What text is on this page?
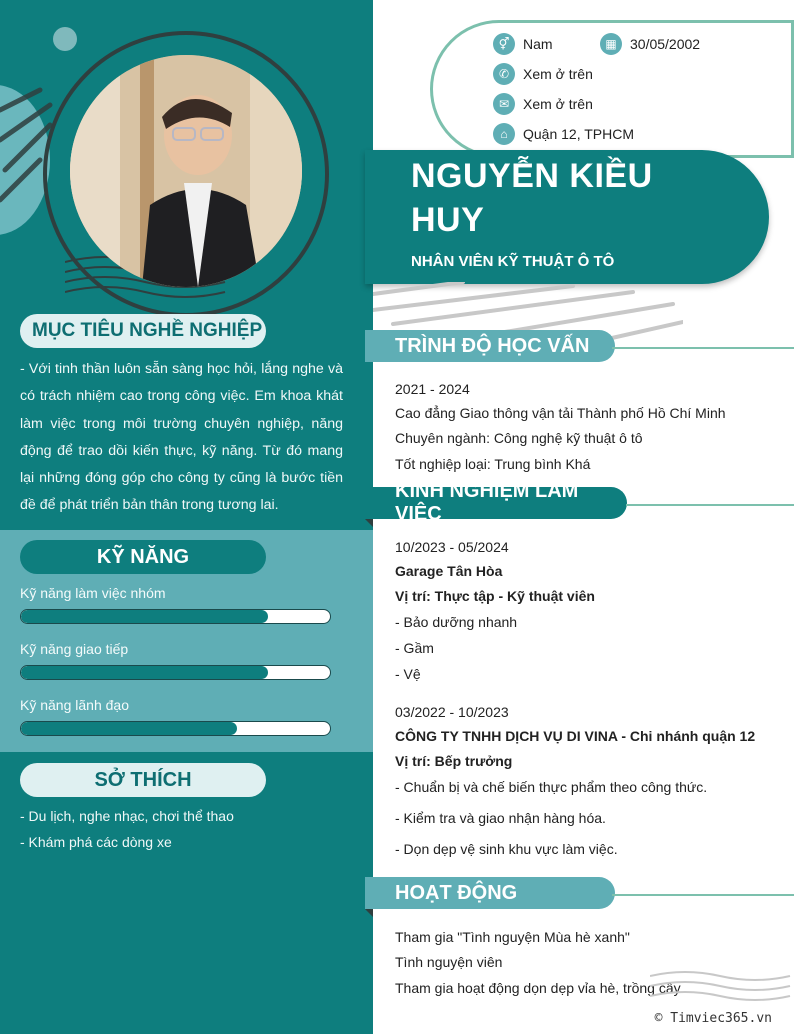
MỤC TIÊU NGHỀ NGHIỆP
- Với tinh thần luôn sẵn sàng học hỏi, lắng nghe và có trách nhiệm cao trong công việc. Em khoa khát làm việc trong môi trường chuyên nghiệp, năng động để trao dồi kiến thực, kỹ năng. Từ đó mang lại những đóng góp cho công ty cũng là bước tiền đề để phát triển bản thân trong tương lai.
KỸ NĂNG
Kỹ năng làm việc nhóm
Kỹ năng giao tiếp
Kỹ năng lãnh đạo
SỞ THÍCH
- Du lịch, nghe nhạc, chơi thể thao
- Khám phá các dòng xe
⚥ Nam	▦ 30/05/2002
✆ Xem ở trên
✉ Xem ở trên
⌂	Quận 12, TPHCM
NGUYỄN KIỀU HUY
NHÂN VIÊN KỸ THUẬT Ô TÔ
TRÌNH ĐỘ HỌC VẤN
2021 - 2024
Cao đẳng Giao thông vận tải Thành phố Hồ Chí Minh
Chuyên ngành: Công nghệ kỹ thuật ô tô
Tốt nghiệp loại: Trung bình Khá
KINH NGHIỆM LÀM VIỆC
10/2023 - 05/2024
Garage Tân Hòa
Vị trí: Thực tập - Kỹ thuật viên
- Bảo dưỡng nhanh
- Gầm
- Vệ
03/2022 - 10/2023
CÔNG TY TNHH DỊCH VỤ DI VINA - Chi nhánh quận 12
Vị trí: Bếp trưởng
- Chuẩn bị và chế biến thực phẩm theo công thức.
- Kiểm tra và giao nhận hàng hóa.
- Dọn dẹp vệ sinh khu vực làm việc.
HOẠT ĐỘNG
Tham gia "Tình nguyện Mùa hè xanh"
Tình nguyện viên
Tham gia hoạt động dọn dẹp vỉa hè, trồng cây
© Timviec365.vn
